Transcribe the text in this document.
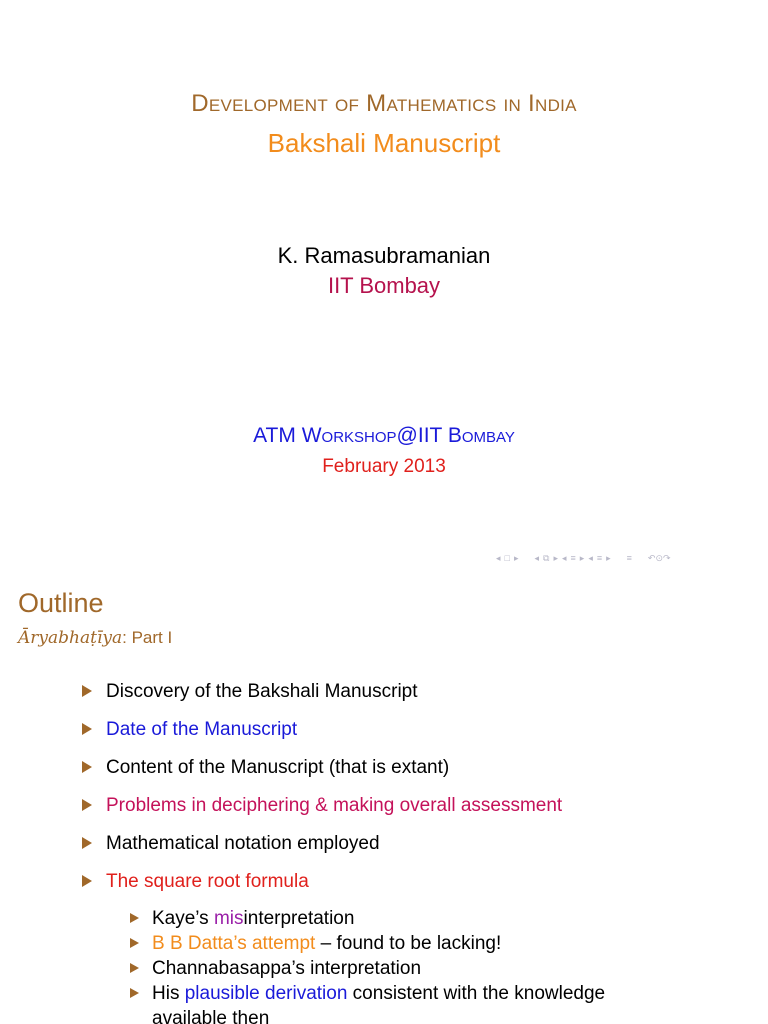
Development of Mathematics in India
Bakshali Manuscript
K. Ramasubramanian
IIT Bombay
ATM Workshop@IIT Bombay
February 2013
◂ □ ▸ ◂ ⧉ ▸ ◂ ≡ ▸ ◂ ≡ ▸ ≡ ↶⊙↷
Outline
Āryabhaṭīya: Part I
Discovery of the Bakshali Manuscript
Date of the Manuscript
Content of the Manuscript (that is extant)
Problems in deciphering & making overall assessment
Mathematical notation employed
The square root formula
Kaye’s misinterpretation
B B Datta’s attempt – found to be lacking!
Channabasappa’s interpretation
His plausible derivation consistent with the knowledge
available then
